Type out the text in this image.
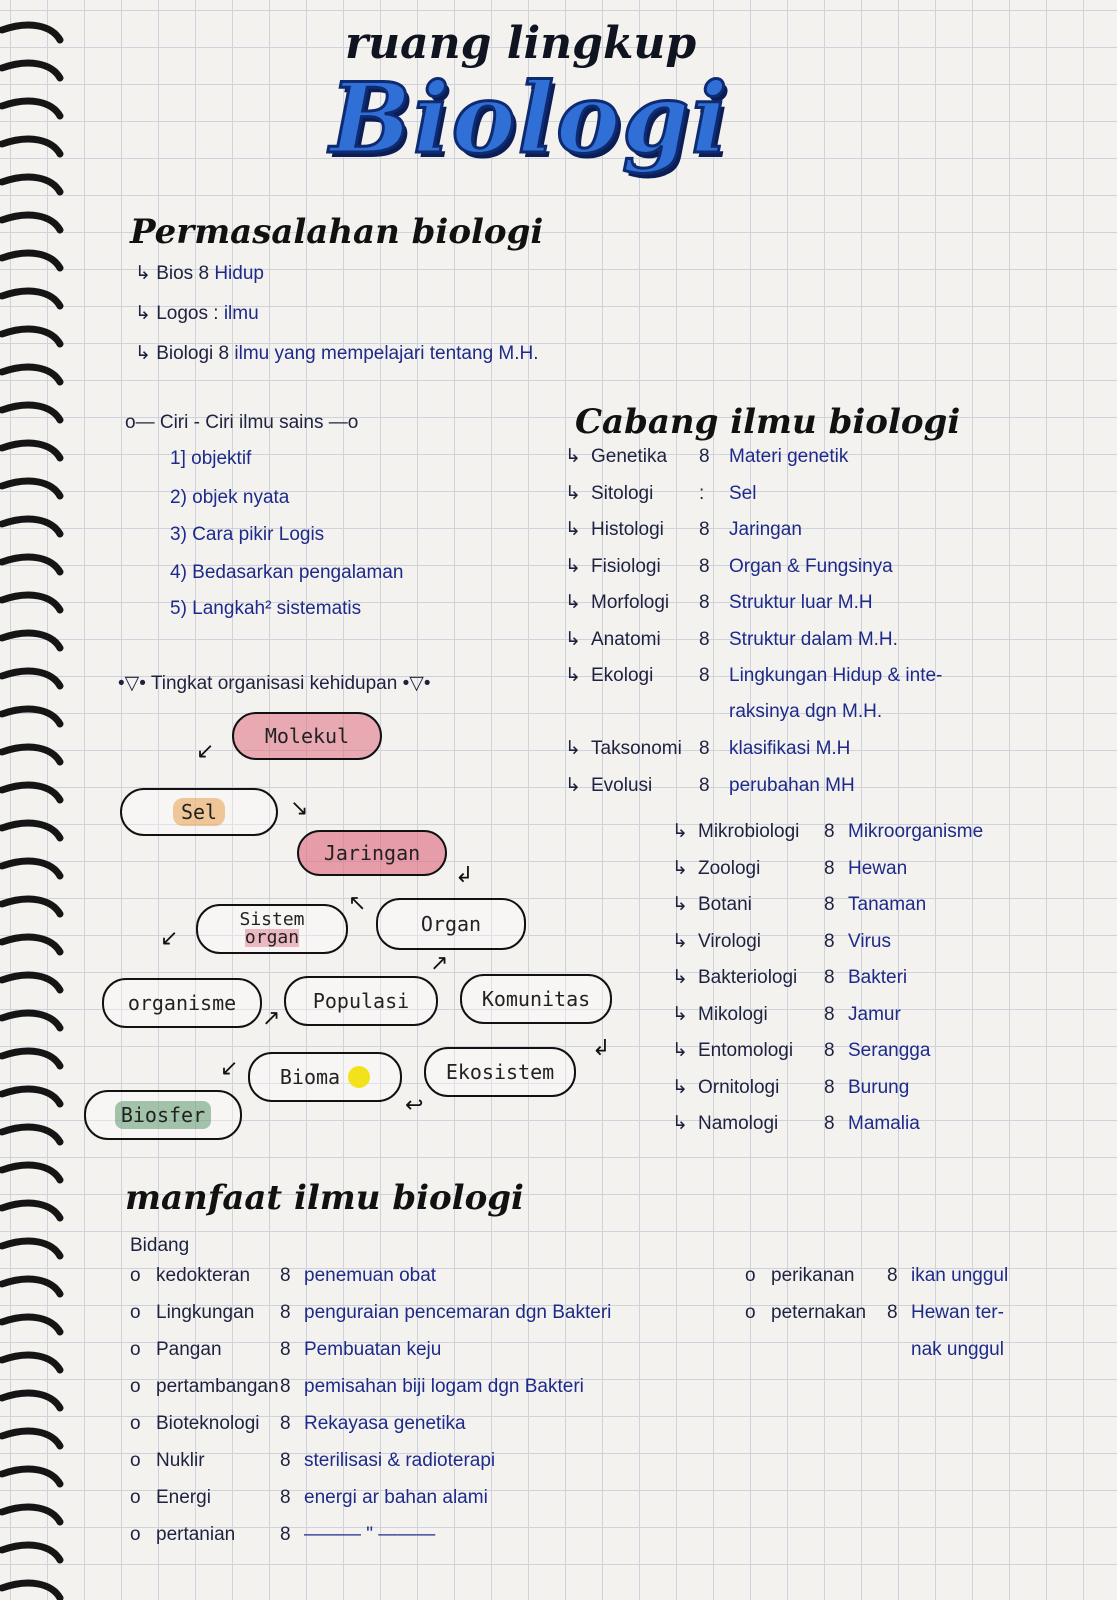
ruang lingkup
Biologi
Permasalahan biologi
↳ Bios 8 Hidup
↳ Logos : ilmu
↳ Biologi 8 ilmu yang mempelajari tentang M.H.
o— Ciri - Ciri ilmu sains —o
1] objektif
2) objek nyata
3) Cara pikir Logis
4) Bedasarkan pengalaman
5) Langkah² sistematis
•▽• Tingkat organisasi kehidupan •▽•
Molekul
Sel
Jaringan
Organ
Sistem
organ
organisme	Populasi	Komunitas
Ekosistem
Bioma
Biosfer
↙
↘
↲
↖
↙
↗
↗
↲
↩
↙
Cabang ilmu biologi
↳ Genetika 8 Materi genetik
↳ Sitologi : Sel
↳ Histologi 8 Jaringan
↳ Fisiologi 8 Organ & Fungsinya
↳ Morfologi 8 Struktur luar M.H
↳ Anatomi 8 Struktur dalam M.H.
↳ Ekologi 8 Lingkungan Hidup & inte-
raksinya dgn M.H.
↳ Taksonomi 8 klasifikasi M.H
↳ Evolusi 8 perubahan MH
↳ Mikrobiologi 8 Mikroorganisme
↳ Zoologi	8 Hewan
↳ Botani	8 Tanaman
↳ Virologi	8 Virus
↳ Bakteriologi 8 Bakteri
↳ Mikologi	8 Jamur
↳ Entomologi 8 Serangga
↳ Ornitologi 8 Burung
↳ Namologi 8 Mamalia
manfaat ilmu biologi
Bidang
o kedokteran 8 penemuan obat
o Lingkungan 8 penguraian pencemaran dgn Bakteri
o Pangan	8 Pembuatan keju
o pertambangan8 pemisahan biji logam dgn Bakteri
o Bioteknologi 8 Rekayasa genetika
o Nuklir	8 sterilisasi & radioterapi
o Energi	8 energi ar bahan alami
o pertanian 8 ——— " ———
o perikanan 8 ikan unggul
o peternakan 8 Hewan ter-
nak unggul
